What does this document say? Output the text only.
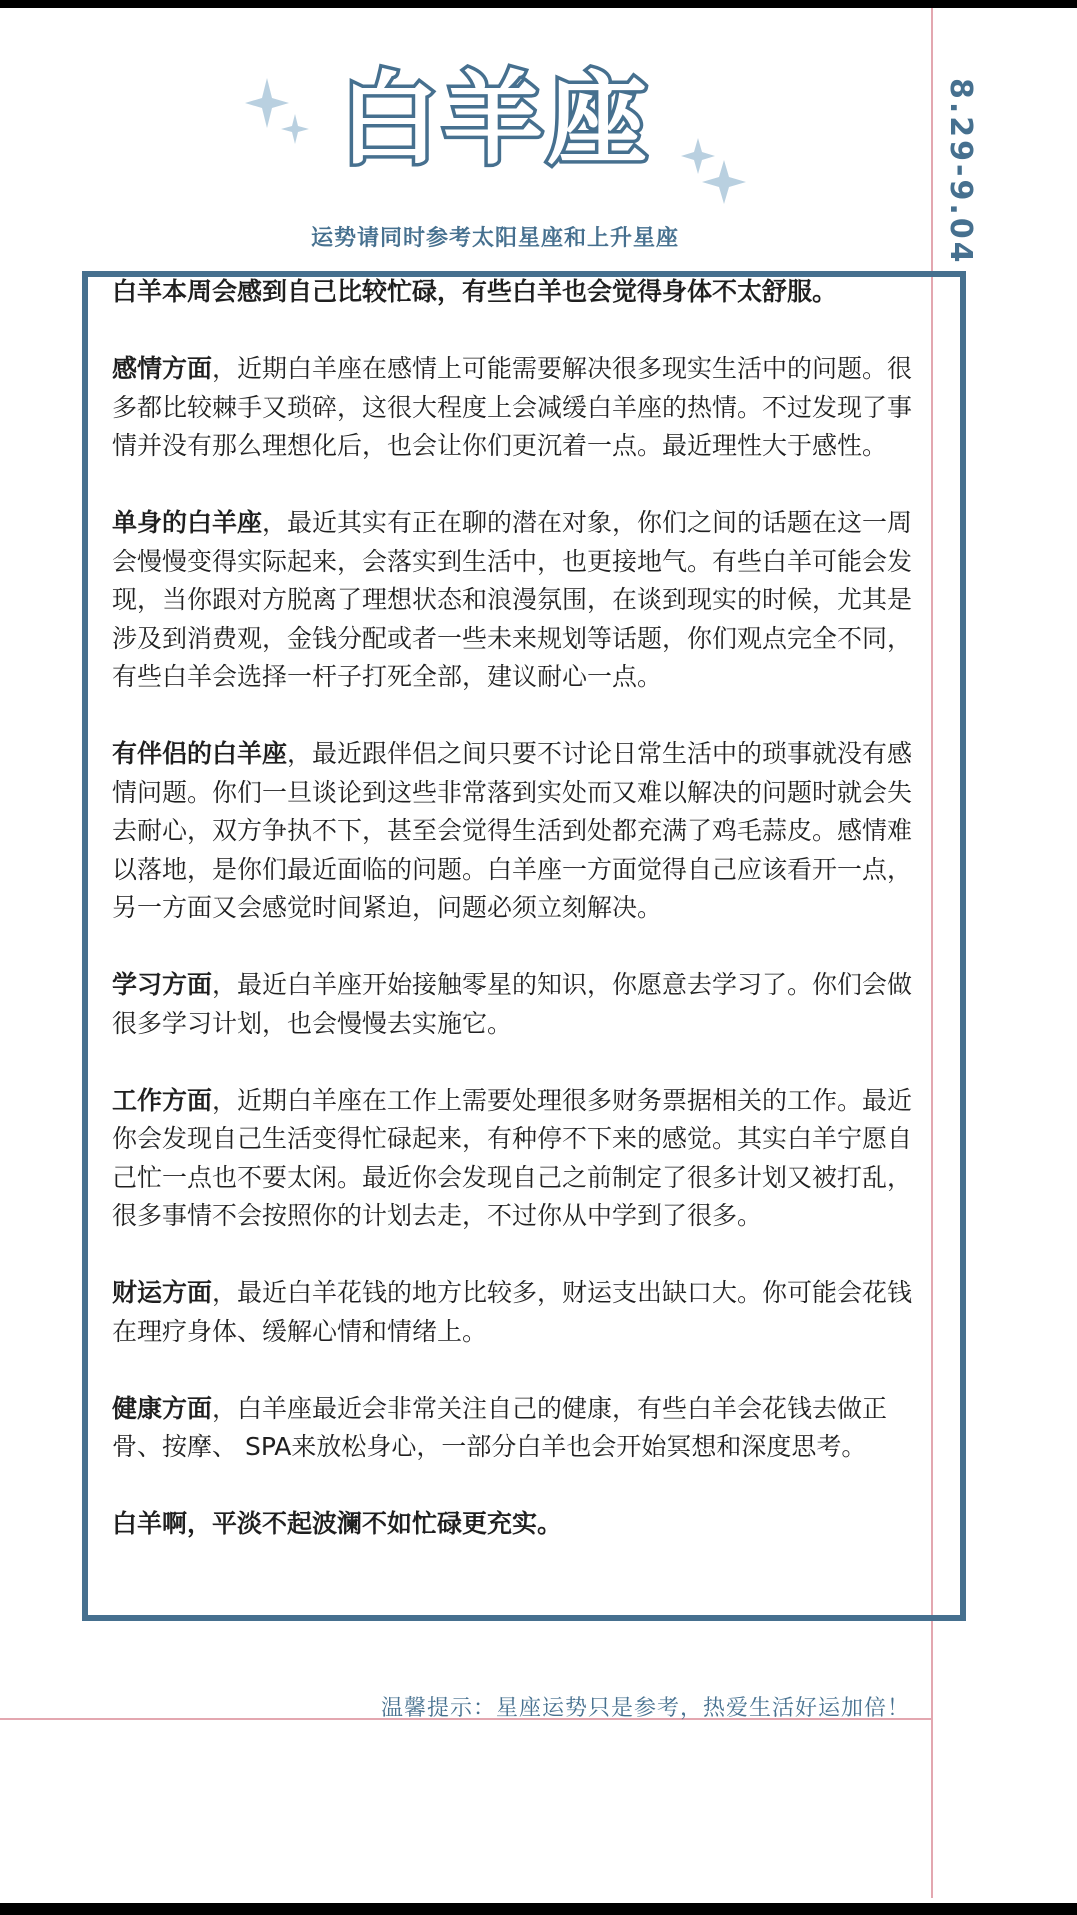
白羊座
运势请同时参考太阳星座和上升星座	8.29-9.04

白羊本周会感到自己比较忙碌，有些白羊也会觉得身体不太舒服。

感情方面，近期白羊座在感情上可能需要解决很多现实生活中的问题。很多都比较棘手又琐碎，这很大程度上会减缓白羊座的热情。不过发现了事情并没有那么理想化后，也会让你们更沉着一点。最近理性大于感性。

单身的白羊座，最近其实有正在聊的潜在对象，你们之间的话题在这一周会慢慢变得实际起来，会落实到生活中，也更接地气。有些白羊可能会发现，当你跟对方脱离了理想状态和浪漫氛围，在谈到现实的时候，尤其是涉及到消费观，金钱分配或者一些未来规划等话题，你们观点完全不同，有些白羊会选择一杆子打死全部，建议耐心一点。

有伴侣的白羊座，最近跟伴侣之间只要不讨论日常生活中的琐事就没有感情问题。你们一旦谈论到这些非常落到实处而又难以解决的问题时就会失去耐心，双方争执不下，甚至会觉得生活到处都充满了鸡毛蒜皮。感情难以落地，是你们最近面临的问题。白羊座一方面觉得自己应该看开一点，另一方面又会感觉时间紧迫，问题必须立刻解决。

学习方面，最近白羊座开始接触零星的知识，你愿意去学习了。你们会做很多学习计划，也会慢慢去实施它。

工作方面，近期白羊座在工作上需要处理很多财务票据相关的工作。最近你会发现自己生活变得忙碌起来，有种停不下来的感觉。其实白羊宁愿自己忙一点也不要太闲。最近你会发现自己之前制定了很多计划又被打乱，很多事情不会按照你的计划去走，不过你从中学到了很多。

财运方面，最近白羊花钱的地方比较多，财运支出缺口大。你可能会花钱在理疗身体、缓解心情和情绪上。

健康方面，白羊座最近会非常关注自己的健康，有些白羊会花钱去做正骨、按摩、 SPA来放松身心，一部分白羊也会开始冥想和深度思考。

白羊啊，平淡不起波澜不如忙碌更充实。

温馨提示：星座运势只是参考，热爱生活好运加倍！
